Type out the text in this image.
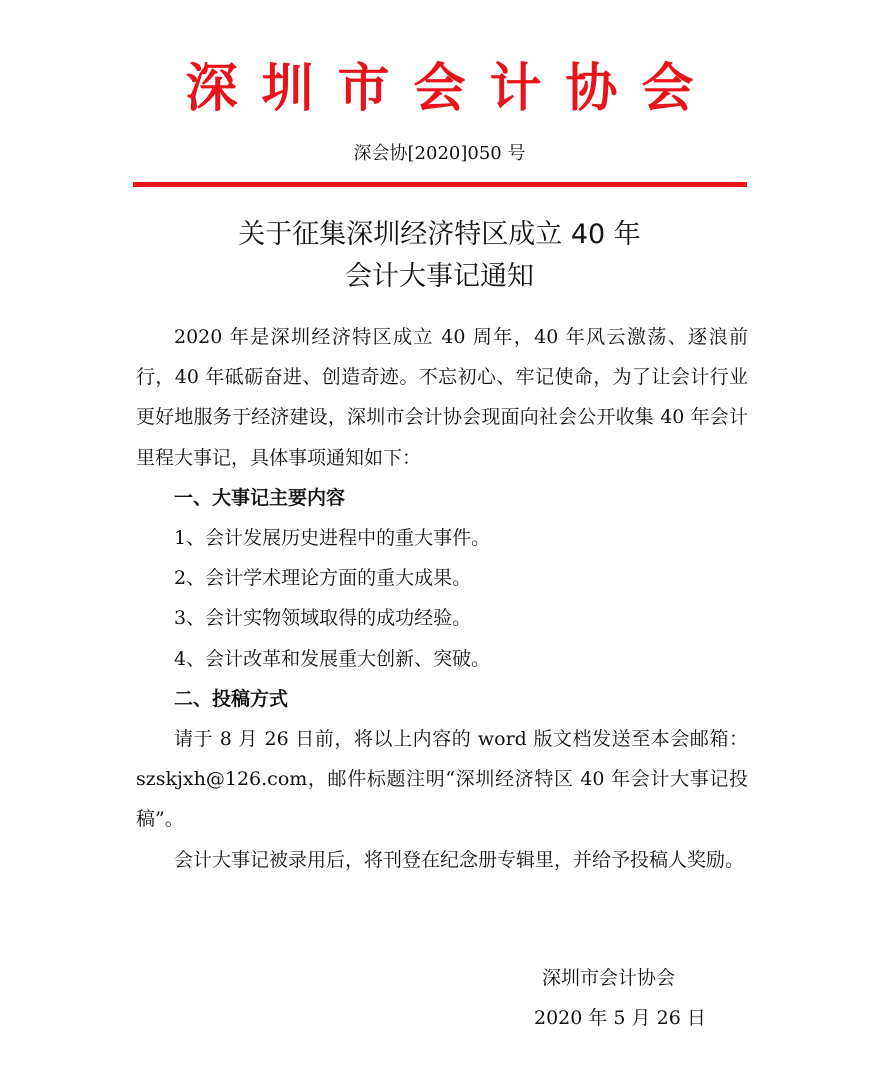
深圳市会计协会
深会协[2020]050 号
关于征集深圳经济特区成立 40 年
会计大事记通知

2020 年是深圳经济特区成立 40 周年，40 年风云激荡、逐浪前行，40 年砥砺奋进、创造奇迹。不忘初心、牢记使命，为了让会计行业更好地服务于经济建设，深圳市会计协会现面向社会公开收集 40 年会计里程大事记，具体事项通知如下：

一、大事记主要内容

1、会计发展历史进程中的重大事件。

2、会计学术理论方面的重大成果。

3、会计实物领域取得的成功经验。

4、会计改革和发展重大创新、突破。

二、投稿方式

请于 8 月 26 日前，将以上内容的 word 版文档发送至本会邮箱：szskjxh@126.com，邮件标题注明“深圳经济特区 40 年会计大事记投稿”。

会计大事记被录用后，将刊登在纪念册专辑里，并给予投稿人奖励。

深圳市会计协会
2020 年 5 月 26 日
